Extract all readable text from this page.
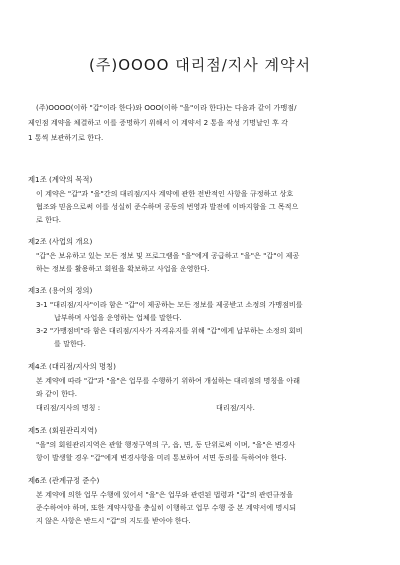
(주)OOOO 대리점/지사 계약서

(주)OOOO(이하 "갑"이라 한다)와 OOO(이하 "을"이라 한다)는 다음과 같이 가맹점/

제인점 계약을 체결하고 이를 증명하기 위해서 이 계약서 2 통을 작성 기명날인 후 각

1 통씩 보관하기로 한다.

제1조 (계약의 목적)

이 계약은 "갑"과 "을"간의 대리점/지사 계약에 관한 전반적인 사항을 규정하고 상호

협조와 믿음으로써 이를 성실히 준수하며 공동의 번영과 발전에 이바지함을 그 목적으

로 한다.

제2조 (사업의 개요)

"갑"은 보유하고 있는 모든 정보 및 프로그램을 "을"에게 공급하고 "을"은 "갑"이 제공

하는 정보를 활용하고 회원을 확보하고 사업을 운영한다.

제3조 (용어의 정의)

3-1 "대리점/지사"이라 함은 "갑"이 제공하는 모든 정보를 제공받고 소정의 가맹점비를

납부하며 사업을 운영하는 업체를 말한다.

3-2 "가맹점비"라 함은 대리점/지사가 자격유지를 위해 "갑"에게 납부하는 소정의 회비

를 말한다.

제4조 (대리점/지사의 명칭)

본 계약에 따라 "갑"과 "을"은 업무를 수행하기 위하여 개설하는 대리점의 명칭을 아래

와 같이 한다.

대리점/지사의 명칭 :	대리점/지사.

제5조 (회원관리지역)

"을"의 회원관리지역은 관할 행정구역의 구, 읍, 면, 동 단위로써 이며, "을"은 변경사

항이 발생할 경우 "갑"에게 변경사항을 미리 통보하여 서면 동의를 득하여야 한다.

제6조 (관계규정 준수)

본 계약에 의한 업무 수행에 있어서 "을"은 업무와 관련된 법령과 "갑"의 관련규정을

준수하여야 하며, 또한 계약사항을 충실히 이행하고 업무 수행 중 본 계약서에 명시되

지 않은 사항은 반드시 "갑"의 지도를 받아야 한다.
